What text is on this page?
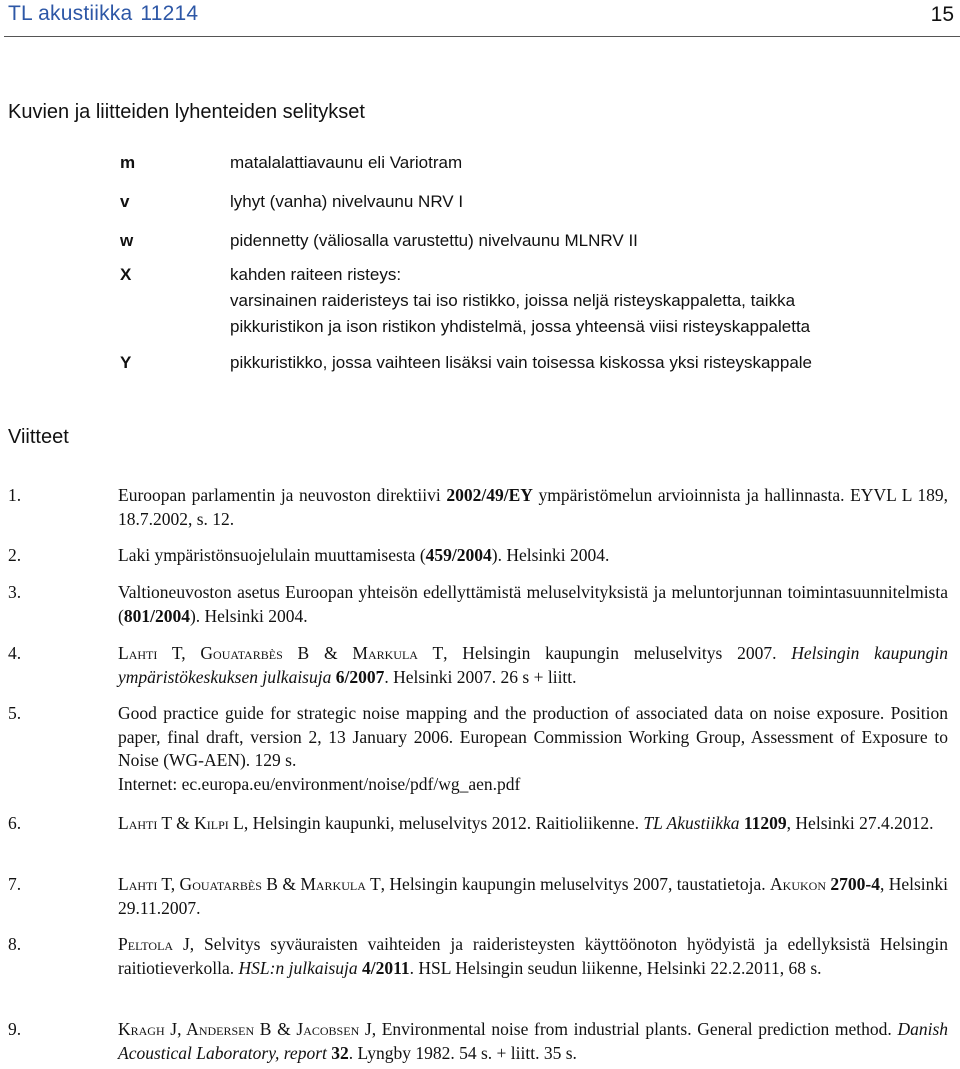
TL akustiikka 11214	15
Kuvien ja liitteiden lyhenteiden selitykset
m	matalalattiavaunu eli Variotram
v	lyhyt (vanha) nivelvaunu NRV I
w	pidennetty (väliosalla varustettu) nivelvaunu MLNRV II
X	kahden raiteen risteys:
varsinainen raideristeys tai iso ristikko, joissa neljä risteyskappaletta, taikka
pikkuristikon ja ison ristikon yhdistelmä, jossa yhteensä viisi risteyskappaletta
Y	pikkuristikko, jossa vaihteen lisäksi vain toisessa kiskossa yksi risteyskappale
Viitteet
1.	Euroopan parlamentin ja neuvoston direktiivi 2002/49/EY ympäristömelun arvioinnista ja hallinnasta. EYVL L 189, 18.7.2002, s. 12.
2.	Laki ympäristönsuojelulain muuttamisesta (459/2004). Helsinki 2004.
3.	Valtioneuvoston asetus Euroopan yhteisön edellyttämistä meluselvityksistä ja meluntorjunnan toimintasuunnitelmista (801/2004). Helsinki 2004.
4.	Lahti T, Gouatarbès B & Markula T, Helsingin kaupungin meluselvitys 2007. Helsingin kaupungin ympäristökeskuksen julkaisuja 6/2007. Helsinki 2007. 26 s + liitt.
5.	Good practice guide for strategic noise mapping and the production of associated data on noise exposure. Position paper, final draft, version 2, 13 January 2006. European Commission Working Group, Assessment of Exposure to Noise (WG-AEN). 129 s.
Internet: ec.europa.eu/environment/noise/pdf/wg_aen.pdf
6.	Lahti T & Kilpi L, Helsingin kaupunki, meluselvitys 2012. Raitioliikenne. TL Akustiikka 11209, Helsinki 27.4.2012.
7.	Lahti T, Gouatarbès B & Markula T, Helsingin kaupungin meluselvitys 2007, taustatietoja. Akukon 2700-4, Helsinki 29.11.2007.
8.	Peltola J, Selvitys syväuraisten vaihteiden ja raideristeysten käyttöönoton hyödyistä ja edellyksistä Helsingin raitiotieverkolla. HSL:n julkaisuja 4/2011. HSL Helsingin seudun liikenne, Helsinki 22.2.2011, 68 s.
9.	Kragh J, Andersen B & Jacobsen J, Environmental noise from industrial plants. General prediction method. Danish Acoustical Laboratory, report 32. Lyngby 1982. 54 s. + liitt. 35 s.
